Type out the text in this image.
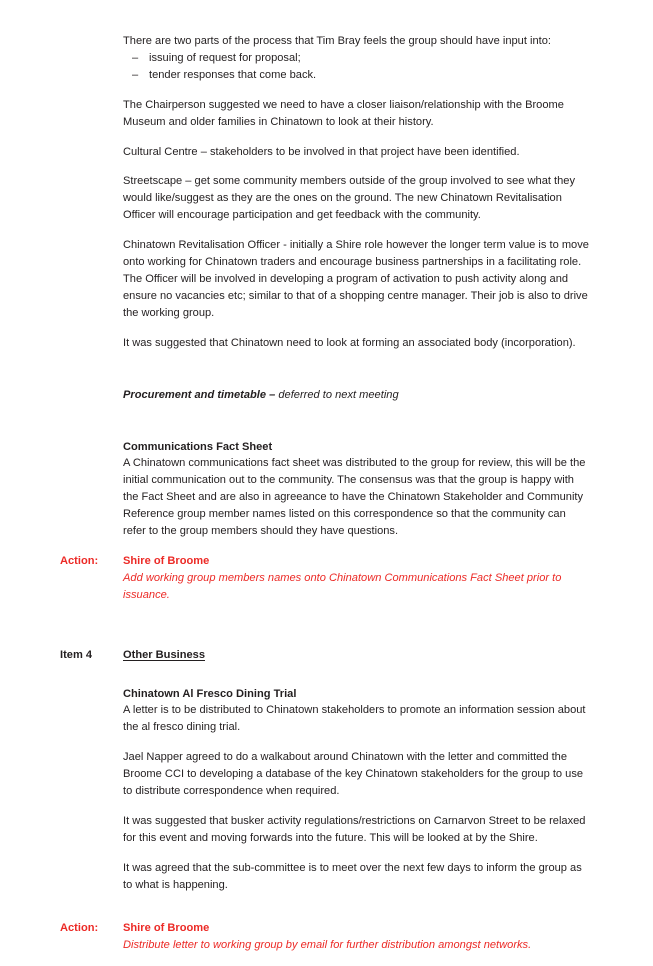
There are two parts of the process that Tim Bray feels the group should have input into:

– issuing of request for proposal;
– tender responses that come back.

The Chairperson suggested we need to have a closer liaison/relationship with the Broome Museum and older families in Chinatown to look at their history.

Cultural Centre – stakeholders to be involved in that project have been identified.

Streetscape – get some community members outside of the group involved to see what they would like/suggest as they are the ones on the ground. The new Chinatown Revitalisation Officer will encourage participation and get feedback with the community.

Chinatown Revitalisation Officer - initially a Shire role however the longer term value is to move onto working for Chinatown traders and encourage business partnerships in a facilitating role. The Officer will be involved in developing a program of activation to push activity along and ensure no vacancies etc; similar to that of a shopping centre manager. Their job is also to drive the working group.

It was suggested that Chinatown need to look at forming an associated body (incorporation).

Procurement and timetable – deferred to next meeting

Communications Fact Sheet

A Chinatown communications fact sheet was distributed to the group for review, this will be the initial communication out to the community. The consensus was that the group is happy with the Fact Sheet and are also in agreeance to have the Chinatown Stakeholder and Community Reference group member names listed on this correspondence so that the community can refer to the group members should they have questions.

Action: Shire of Broome
Add working group members names onto Chinatown Communications Fact Sheet prior to issuance.
Item 4	Other Business

Chinatown Al Fresco Dining Trial

A letter is to be distributed to Chinatown stakeholders to promote an information session about the al fresco dining trial.

Jael Napper agreed to do a walkabout around Chinatown with the letter and committed the Broome CCI to developing a database of the key Chinatown stakeholders for the group to use to distribute correspondence when required.

It was suggested that busker activity regulations/restrictions on Carnarvon Street to be relaxed for this event and moving forwards into the future. This will be looked at by the Shire.

It was agreed that the sub-committee is to meet over the next few days to inform the group as to what is happening.

Action: Shire of Broome
Distribute letter to working group by email for further distribution amongst networks.
